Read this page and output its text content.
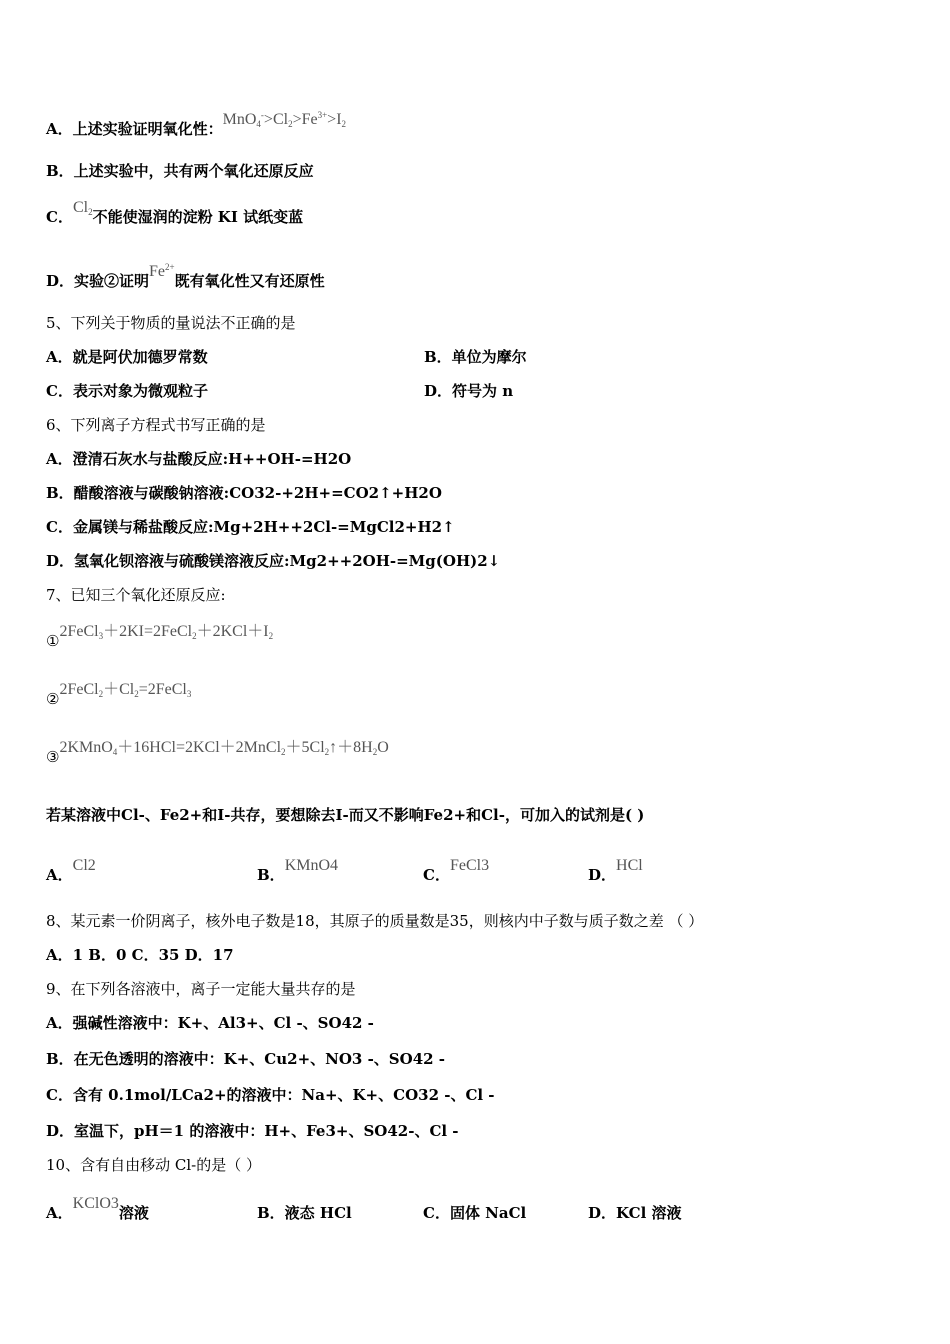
A．上述实验证明氧化性：$MnO_4^->Cl_2>Fe^{3+}>I_2$
B．上述实验中，共有两个氧化还原反应
C．$Cl_2$不能使湿润的淀粉 KI 试纸变蓝
D．实验②证明$Fe^{2+}$既有氧化性又有还原性
5、下列关于物质的量说法不正确的是
A．就是阿伏加德罗常数	B．单位为摩尔
C．表示对象为微观粒子	D．符号为 n
6、下列离子方程式书写正确的是
A．澄清石灰水与盐酸反应:H++OH-=H2O
B．醋酸溶液与碳酸钠溶液:CO32-+2H+=CO2↑+H2O
C．金属镁与稀盐酸反应:Mg+2H++2Cl-=MgCl2+H2↑
D．氢氧化钡溶液与硫酸镁溶液反应:Mg2++2OH-=Mg(OH)2↓
7、已知三个氧化还原反应:
$①2FeCl_3+2KI=2FeCl_2+2KCl+I_2$
$②2FeCl_2+Cl_2=2FeCl_3$
$③2KMnO_4+16HCl=2KCl+2MnCl_2+5Cl_2↑+8H_2O$
若某溶液中Cl-、Fe2+和I-共存，要想除去I-而又不影响Fe2+和Cl-，可加入的试剂是( )
A．Cl2
B．KMnO4
C．FeCl3
D．HCl
8、某元素一价阴离子，核外电子数是18，其原子的质量数是35，则核内中子数与质子数之差 （ ）
A．1 B．0 C．35 D．17
9、在下列各溶液中，离子一定能大量共存的是
A．强碱性溶液中：K+、Al3+、Cl -、SO42 -
B．在无色透明的溶液中：K+、Cu2+、NO3 -、SO42 -
C．含有 0.1mol/LCa2+的溶液中：Na+、K+、CO32 -、Cl -
D．室温下，pH＝1 的溶液中：H+、Fe3+、SO42-、Cl -
10、含有自由移动 Cl-的是（ ）
A．KClO3溶液	B．液态 HCl	C．固体 NaCl	D．KCl 溶液
